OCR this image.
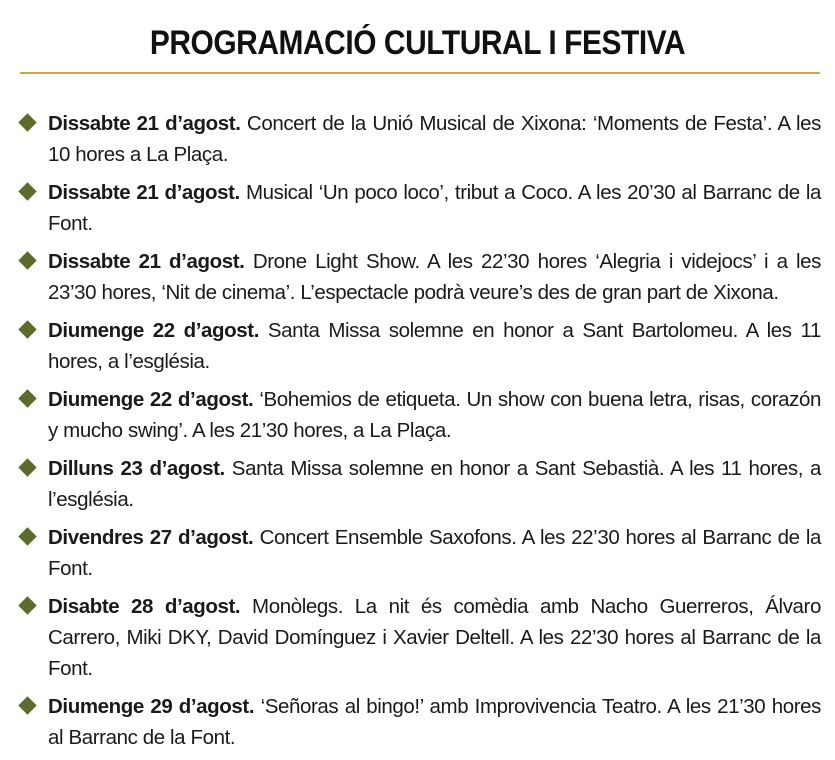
PROGRAMACIÓ CULTURAL I FESTIVA
Dissabte 21 d’agost. Concert de la Unió Musical de Xixona: ‘Moments de Festa’. A les 10 hores a La Plaça.
Dissabte 21 d’agost. Musical ‘Un poco loco’, tribut a Coco. A les 20’30 al Barranc de la Font.
Dissabte 21 d’agost. Drone Light Show. A les 22’30 hores ‘Alegria i videjocs’ i a les 23’30 hores, ‘Nit de cinema’. L’espectacle podrà veure’s des de gran part de Xixona.
Diumenge 22 d’agost. Santa Missa solemne en honor a Sant Bartolomeu. A les 11 hores, a l’església.
Diumenge 22 d’agost. ‘Bohemios de etiqueta. Un show con buena letra, risas, corazón y mucho swing’. A les 21’30 hores, a La Plaça.
Dilluns 23 d’agost. Santa Missa solemne en honor a Sant Sebastià. A les 11 hores, a l’església.
Divendres 27 d’agost. Concert Ensemble Saxofons. A les 22’30 hores al Barranc de la Font.
Disabte 28 d’agost. Monòlegs. La nit és comèdia amb Nacho Guerreros, Álvaro Carrero, Miki DKY, David Domínguez i Xavier Deltell. A les 22’30 hores al Barranc de la Font.
Diumenge 29 d’agost. ‘Señoras al bingo!’ amb Improvivencia Teatro. A les 21’30 hores al Barranc de la Font.
